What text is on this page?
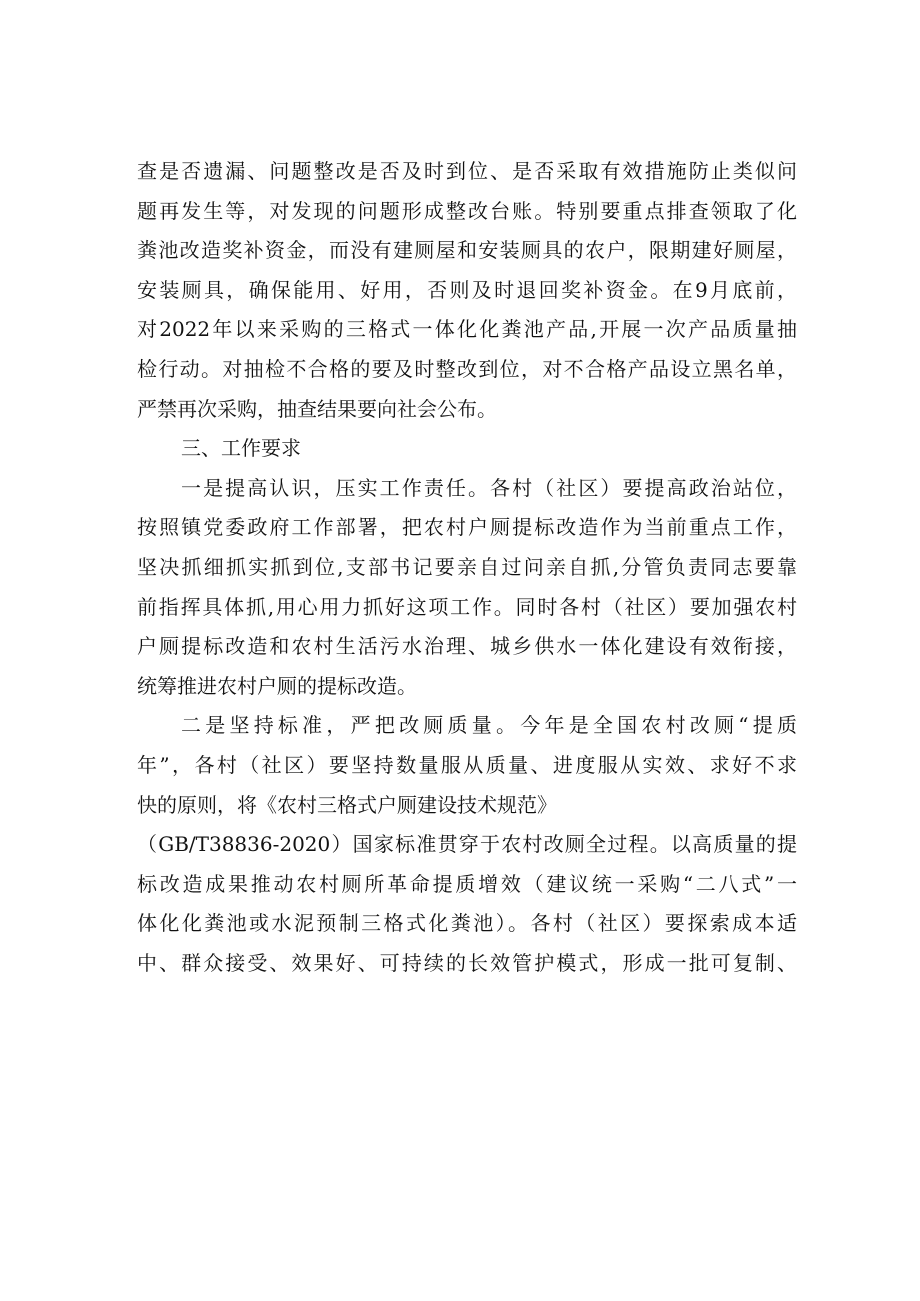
查是否遗漏、问题整改是否及时到位、是否采取有效措施防止类似问
题再发生等，对发现的问题形成整改台账。特别要重点排查领取了化
粪池改造奖补资金，而没有建厕屋和安装厕具的农户，限期建好厕屋，
安装厕具，确保能用、好用，否则及时退回奖补资金。在9月底前，
对2022年以来采购的三格式一体化化粪池产品,开展一次产品质量抽
检行动。对抽检不合格的要及时整改到位，对不合格产品设立黑名单，
严禁再次采购，抽查结果要向社会公布。
三、工作要求
一是提高认识，压实工作责任。各村（社区）要提高政治站位，
按照镇党委政府工作部署，把农村户厕提标改造作为当前重点工作，
坚决抓细抓实抓到位,支部书记要亲自过问亲自抓,分管负责同志要靠
前指挥具体抓,用心用力抓好这项工作。同时各村（社区）要加强农村
户厕提标改造和农村生活污水治理、城乡供水一体化建设有效衔接，
统筹推进农村户厕的提标改造。
二是坚持标准，严把改厕质量。今年是全国农村改厕“提质
年”，各村（社区）要坚持数量服从质量、进度服从实效、求好不求
快的原则，将《农村三格式户厕建设技术规范》
（GB/T38836-2020）国家标准贯穿于农村改厕全过程。以高质量的提
标改造成果推动农村厕所革命提质增效（建议统一采购“二八式”一
体化化粪池或水泥预制三格式化粪池）。各村（社区）要探索成本适
中、群众接受、效果好、可持续的长效管护模式，形成一批可复制、
